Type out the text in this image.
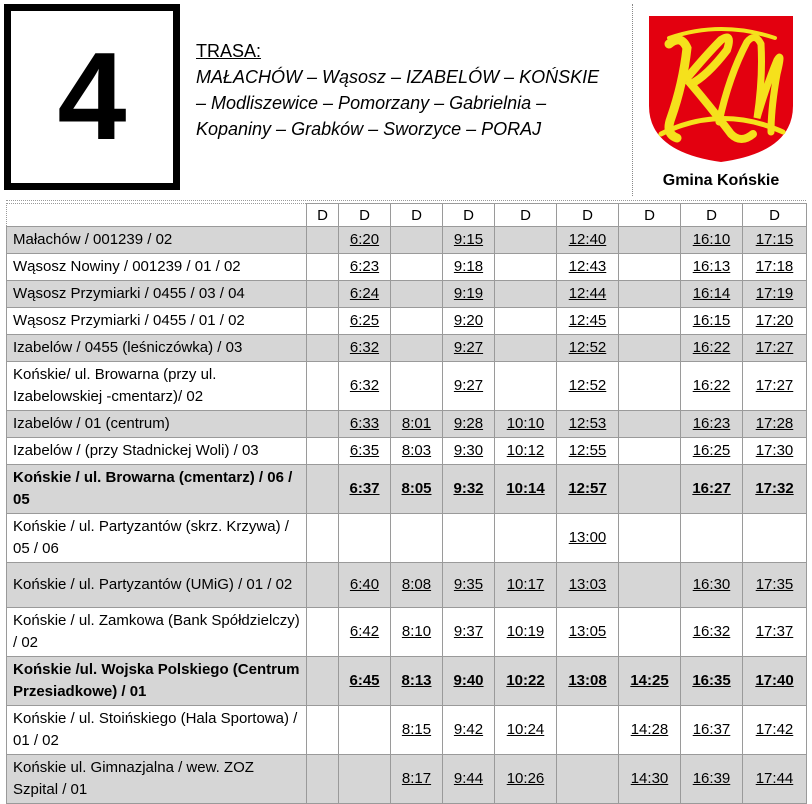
4	TRASA:
MAŁACHÓW – Wąsosz – IZABELÓW – KOŃSKIE
– Modliszewice – Pomorzany – Gabrielnia –
Kopaniny – Grabków – Sworzyce – PORAJ
Gmina Końskie
	D	D	D	D	D	D	D	D	D
Małachów / 001239 / 02		6:20		9:15		12:40		16:10	17:15
Wąsosz Nowiny / 001239 / 01 / 02		6:23		9:18		12:43		16:13	17:18
Wąsosz Przymiarki / 0455 / 03 / 04		6:24		9:19		12:44		16:14	17:19
Wąsosz Przymiarki / 0455 / 01 / 02		6:25		9:20		12:45		16:15	17:20
Izabelów / 0455 (leśniczówka) / 03		6:32		9:27		12:52		16:22	17:27
Końskie/ ul. Browarna (przy ul. Izabelowskiej -cmentarz)/ 02		6:32		9:27		12:52		16:22	17:27
Izabelów / 01 (centrum)		6:33	8:01	9:28	10:10	12:53		16:23	17:28
Izabelów / (przy Stadnickej Woli) / 03		6:35	8:03	9:30	10:12	12:55		16:25	17:30
Końskie / ul. Browarna (cmentarz) / 06 / 05		6:37	8:05	9:32	10:14	12:57		16:27	17:32
Końskie / ul. Partyzantów (skrz. Krzywa) / 05 / 06						13:00			
Końskie / ul. Partyzantów (UMiG) / 01 / 02		6:40	8:08	9:35	10:17	13:03		16:30	17:35
Końskie / ul. Zamkowa (Bank Spółdzielczy) / 02		6:42	8:10	9:37	10:19	13:05		16:32	17:37
Końskie /ul. Wojska Polskiego (Centrum Przesiadkowe) / 01		6:45	8:13	9:40	10:22	13:08	14:25	16:35	17:40
Końskie / ul. Stoińskiego (Hala Sportowa) / 01 / 02			8:15	9:42	10:24		14:28	16:37	17:42
Końskie ul. Gimnazjalna / wew. ZOZ Szpital / 01			8:17	9:44	10:26		14:30	16:39	17:44
